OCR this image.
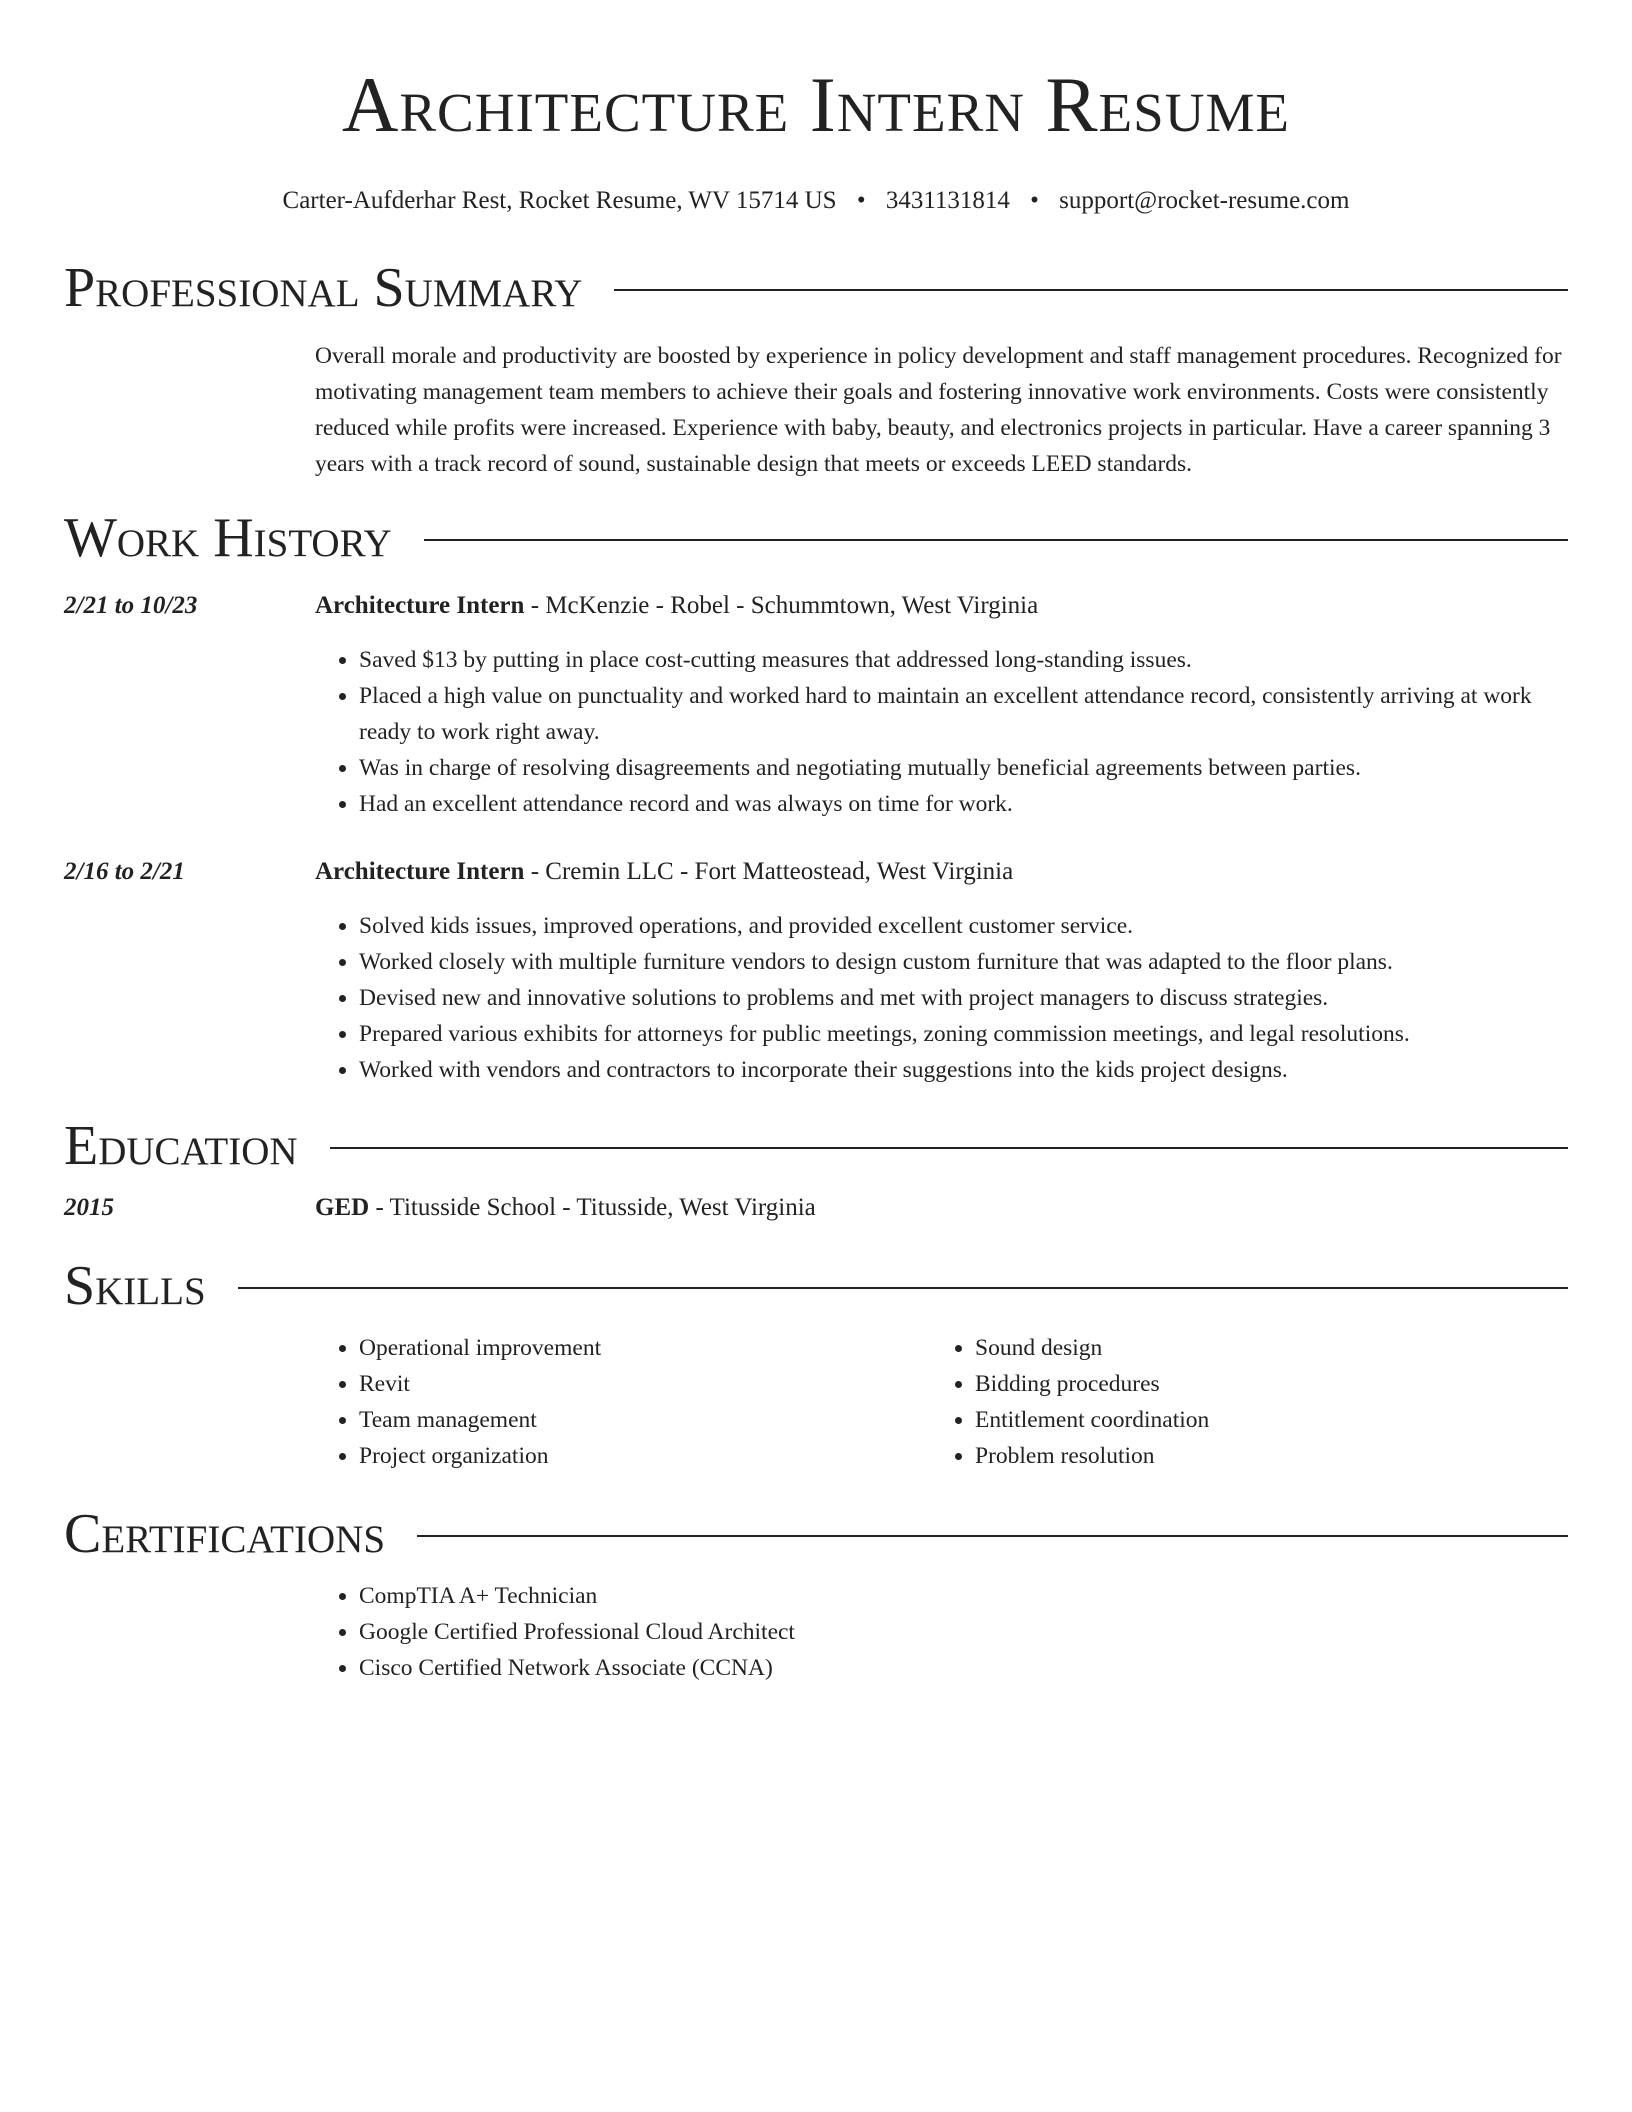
Architecture Intern Resume
Carter-Aufderhar Rest, Rocket Resume, WV 15714 US • 3431131814 • support@rocket-resume.com
Professional Summary
Overall morale and productivity are boosted by experience in policy development and staff management procedures. Recognized for motivating management team members to achieve their goals and fostering innovative work environments. Costs were consistently reduced while profits were increased. Experience with baby, beauty, and electronics projects in particular. Have a career spanning 3 years with a track record of sound, sustainable design that meets or exceeds LEED standards.
Work History
2/21 to 10/23	Architecture Intern - McKenzie - Robel - Schummtown, West Virginia
• Saved $13 by putting in place cost-cutting measures that addressed long-standing issues.
• Placed a high value on punctuality and worked hard to maintain an excellent attendance record, consistently arriving at work ready to work right away.
• Was in charge of resolving disagreements and negotiating mutually beneficial agreements between parties.
• Had an excellent attendance record and was always on time for work.
2/16 to 2/21	Architecture Intern - Cremin LLC - Fort Matteostead, West Virginia
• Solved kids issues, improved operations, and provided excellent customer service.
• Worked closely with multiple furniture vendors to design custom furniture that was adapted to the floor plans.
• Devised new and innovative solutions to problems and met with project managers to discuss strategies.
• Prepared various exhibits for attorneys for public meetings, zoning commission meetings, and legal resolutions.
• Worked with vendors and contractors to incorporate their suggestions into the kids project designs.
Education
2015	GED - Titusside School - Titusside, West Virginia
Skills
• Operational improvement
• Revit
• Team management
• Project organization
• Sound design
• Bidding procedures
• Entitlement coordination
• Problem resolution
Certifications
• CompTIA A+ Technician
• Google Certified Professional Cloud Architect
• Cisco Certified Network Associate (CCNA)
